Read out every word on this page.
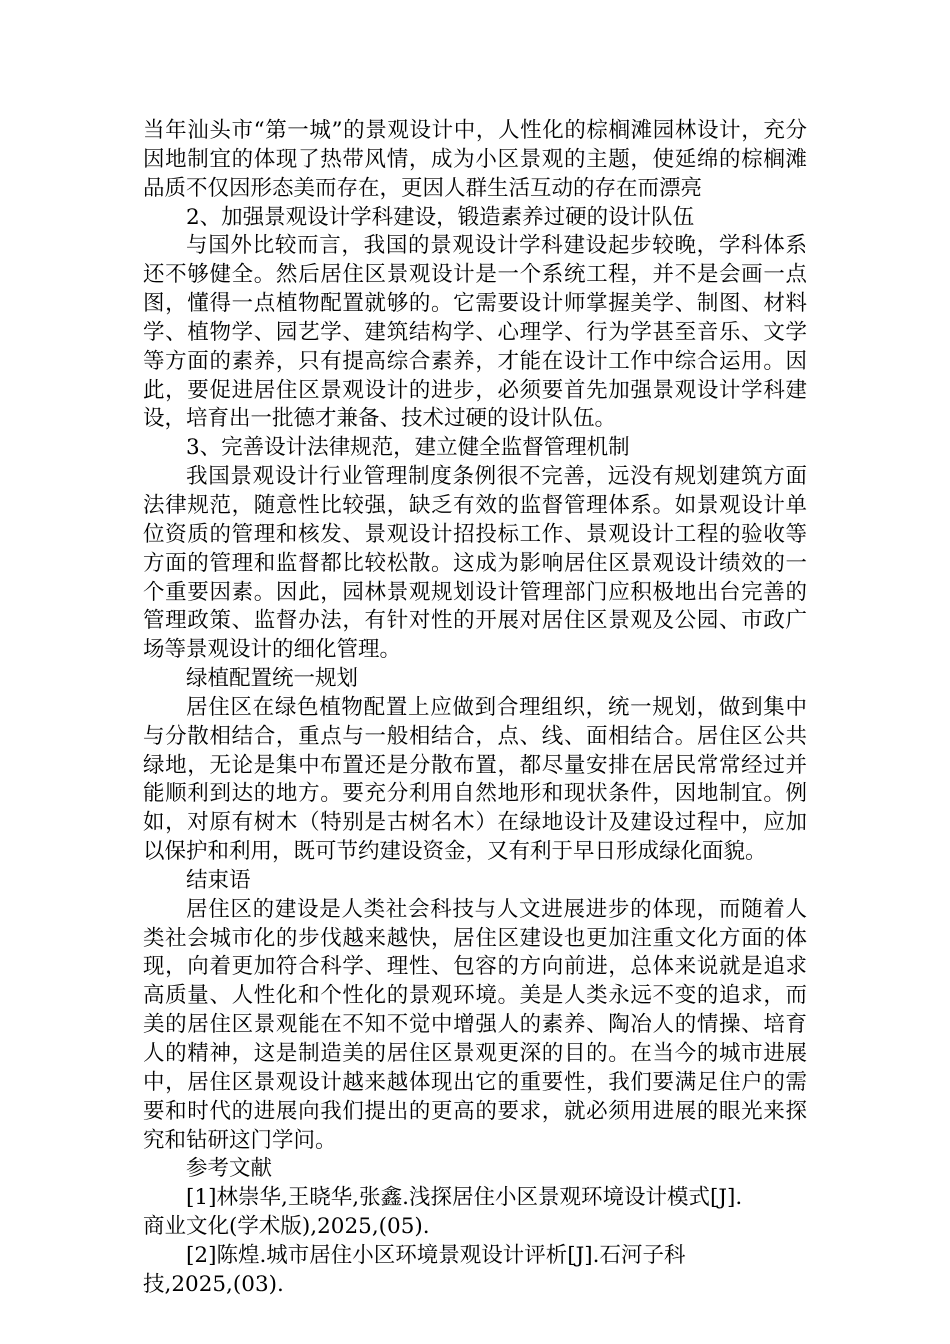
当年汕头市“第一城”的景观设计中，人性化的棕榈滩园林设计，充分因地制宜的体现了热带风情，成为小区景观的主题，使延绵的棕榈滩品质不仅因形态美而存在，更因人群生活互动的存在而漂亮

2、加强景观设计学科建设，锻造素养过硬的设计队伍

与国外比较而言，我国的景观设计学科建设起步较晚，学科体系还不够健全。然后居住区景观设计是一个系统工程，并不是会画一点图，懂得一点植物配置就够的。它需要设计师掌握美学、制图、材料学、植物学、园艺学、建筑结构学、心理学、行为学甚至音乐、文学等方面的素养，只有提高综合素养，才能在设计工作中综合运用。因此，要促进居住区景观设计的进步，必须要首先加强景观设计学科建设，培育出一批德才兼备、技术过硬的设计队伍。

3、完善设计法律规范，建立健全监督管理机制

我国景观设计行业管理制度条例很不完善，远没有规划建筑方面法律规范，随意性比较强，缺乏有效的监督管理体系。如景观设计单位资质的管理和核发、景观设计招投标工作、景观设计工程的验收等方面的管理和监督都比较松散。这成为影响居住区景观设计绩效的一个重要因素。因此，园林景观规划设计管理部门应积极地出台完善的管理政策、监督办法，有针对性的开展对居住区景观及公园、市政广场等景观设计的细化管理。

绿植配置统一规划

居住区在绿色植物配置上应做到合理组织，统一规划，做到集中与分散相结合，重点与一般相结合，点、线、面相结合。居住区公共绿地，无论是集中布置还是分散布置，都尽量安排在居民常常经过并能顺利到达的地方。要充分利用自然地形和现状条件，因地制宜。例如，对原有树木（特别是古树名木）在绿地设计及建设过程中，应加以保护和利用，既可节约建设资金，又有利于早日形成绿化面貌。

结束语

居住区的建设是人类社会科技与人文进展进步的体现，而随着人类社会城市化的步伐越来越快，居住区建设也更加注重文化方面的体现，向着更加符合科学、理性、包容的方向前进，总体来说就是追求高质量、人性化和个性化的景观环境。美是人类永远不变的追求，而美的居住区景观能在不知不觉中增强人的素养、陶冶人的情操、培育人的精神，这是制造美的居住区景观更深的目的。在当今的城市进展中，居住区景观设计越来越体现出它的重要性，我们要满足住户的需要和时代的进展向我们提出的更高的要求，就必须用进展的眼光来探究和钻研这门学问。

参考文献

[1]林崇华,王晓华,张鑫.浅探居住小区景观环境设计模式[J].
商业文化(学术版),2025,(05).

[2]陈煌.城市居住小区环境景观设计评析[J].石河子科
技,2025,(03).
